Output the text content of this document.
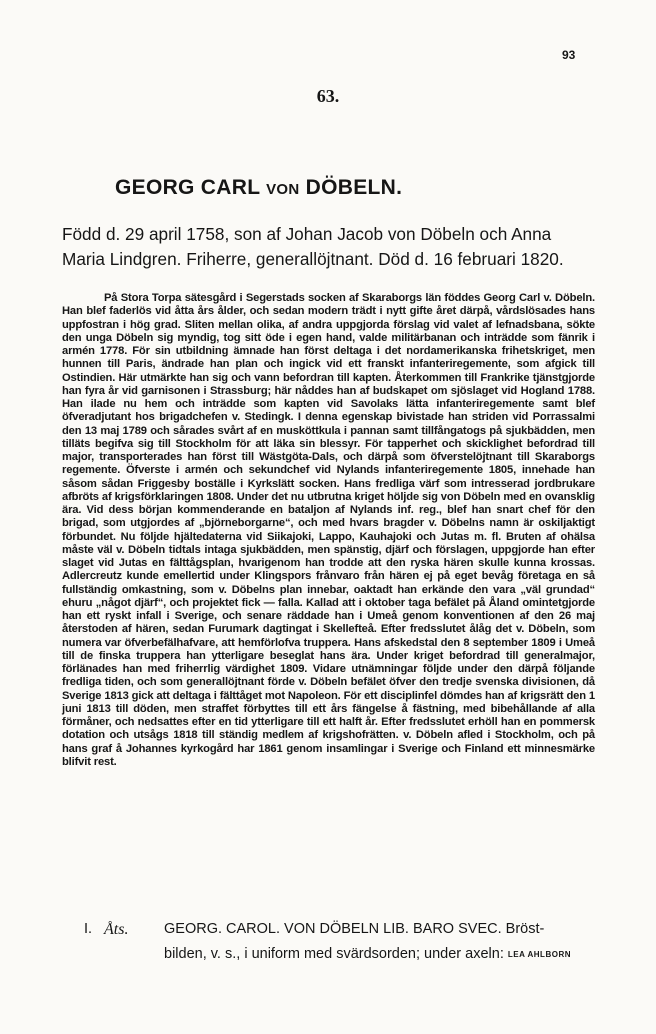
93
63.
GEORG CARL VON DÖBELN.
Född d. 29 april 1758, son af Johan Jacob von Döbeln och Anna Maria Lindgren. Friherre, generallöjtnant. Död d. 16 februari 1820.
På Stora Torpa sätesgård i Segerstads socken af Skaraborgs län föddes Georg Carl v. Döbeln. Han blef faderlös vid åtta års ålder, och sedan modern trädt i nytt gifte året därpå, vårdslösades hans uppfostran i hög grad. Sliten mellan olika, af andra uppgjorda förslag vid valet af lefnadsbana, sökte den unga Döbeln sig myndig, tog sitt öde i egen hand, valde militärbanan och inträdde som fänrik i armén 1778. För sin utbildning ämnade han först deltaga i det nordamerikanska frihetskriget, men hunnen till Paris, ändrade han plan och ingick vid ett franskt infanteriregemente, som afgick till Ostindien. Här utmärkte han sig och vann befordran till kapten. Återkommen till Frankrike tjänstgjorde han fyra år vid garnisonen i Strassburg; här nåddes han af budskapet om sjöslaget vid Hogland 1788. Han ilade nu hem och inträdde som kapten vid Savolaks lätta infanteriregemente samt blef öfveradjutant hos brigadchefen v. Stedingk. I denna egenskap bivistade han striden vid Porrassalmi den 13 maj 1789 och sårades svårt af en musköttkula i pannan samt tillfångatogs på sjukbädden, men tilläts begifva sig till Stockholm för att läka sin blessyr. För tapperhet och skicklighet befordrad till major, transporterades han först till Wästgöta-Dals, och därpå som öfverstelöjtnant till Skaraborgs regemente. Öfverste i armén och sekundchef vid Nylands infanteriregemente 1805, innehade han såsom sådan Friggesby boställe i Kyrkslätt socken. Hans fredliga värf som intresserad jordbrukare afbröts af krigsförklaringen 1808. Under det nu utbrutna kriget höljde sig von Döbeln med en ovansklig ära. Vid dess början kommenderande en bataljon af Nylands inf. reg., blef han snart chef för den brigad, som utgjordes af „björneborgarne“, och med hvars bragder v. Döbelns namn är oskiljaktigt förbundet. Nu följde hjältedaterna vid Siikajoki, Lappo, Kauhajoki och Jutas m. fl. Bruten af ohälsa måste väl v. Döbeln tidtals intaga sjukbädden, men spänstig, djärf och förslagen, uppgjorde han efter slaget vid Jutas en fälttågsplan, hvarigenom han trodde att den ryska hären skulle kunna krossas. Adlercreutz kunde emellertid under Klingspors frånvaro från hären ej på eget bevåg företaga en så fullständig omkastning, som v. Döbelns plan innebar, oaktadt han erkände den vara „väl grundad“ ehuru „något djärf“, och projektet fick — falla. Kallad att i oktober taga befälet på Åland omintetgjorde han ett ryskt infall i Sverige, och senare räddade han i Umeå genom konventionen af den 26 maj återstoden af hären, sedan Furumark dagtingat i Skellefteå. Efter fredsslutet ålåg det v. Döbeln, som numera var öfverbefälhafvare, att hemförlofva truppera. Hans afskedstal den 8 september 1809 i Umeå till de finska truppera han ytterligare beseglat hans ära. Under kriget befordrad till generalmajor, förlänades han med friherrlig värdighet 1809. Vidare utnämningar följde under den därpå följande fredliga tiden, och som generallöjtnant förde v. Döbeln befälet öfver den tredje svenska divisionen, då Sverige 1813 gick att deltaga i fälttåget mot Napoleon. För ett disciplinfel dömdes han af krigsrätt den 1 juni 1813 till döden, men straffet förbyttes till ett års fängelse å fästning, med bibehållande af alla förmåner, och nedsattes efter en tid ytterligare till ett halft år. Efter fredsslutet erhöll han en pommersk dotation och utsågs 1818 till ständig medlem af krigshofrätten. v. Döbeln afled i Stockholm, och på hans graf å Johannes kyrkogård har 1861 genom insamlingar i Sverige och Finland ett minnesmärke blifvit rest.
I. Åts. GEORG. CAROL. VON DÖBELN LIB. BARO SVEC. Bröst-
bilden, v. s., i uniform med svärdsorden; under axeln: LEA AHLBORN
